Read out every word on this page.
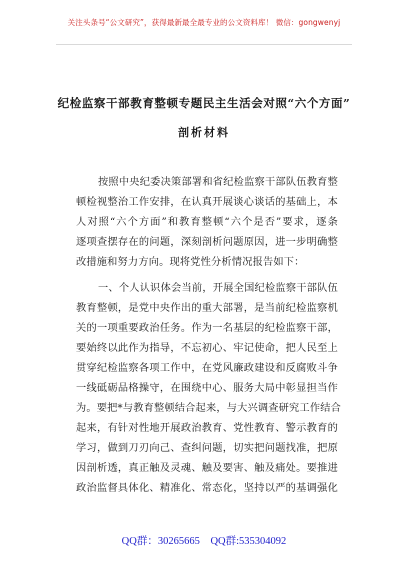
关注头条号“公文研究”，获得最新最全最专业的公文资料库！ 微信：gongwenyj
纪检监察干部教育整顿专题民主生活会对照“六个方面”
剖析材料
按照中央纪委决策部署和省纪检监察干部队伍教育整
顿检视整治工作安排，在认真开展谈心谈话的基础上，本
人对照“六个方面”和教育整顿“六个是否”要求，逐条
逐项查摆存在的问题，深刻剖析问题原因，进一步明确整
改措施和努力方向。现将党性分析情况报告如下：
一、个人认识体会当前，开展全国纪检监察干部队伍
教育整顿，是党中央作出的重大部署，是当前纪检监察机
关的一项重要政治任务。作为一名基层的纪检监察干部，
要始终以此作为指导，不忘初心、牢记使命，把人民至上
贯穿纪检监察各项工作中，在党风廉政建设和反腐败斗争
一线砥砺品格操守，在围绕中心、服务大局中彰显担当作
为。要把*与教育整顿结合起来，与大兴调查研究工作结合
起来，有针对性地开展政治教育、党性教育、警示教育的
学习，做到刀刃向己、查纠问题，切实把问题找准，把原
因剖析透，真正触及灵魂、触及要害、触及痛处。要推进
政治监督具体化、精准化、常态化，坚持以严的基调强化
QQ群：30265665 QQ群:535304092
